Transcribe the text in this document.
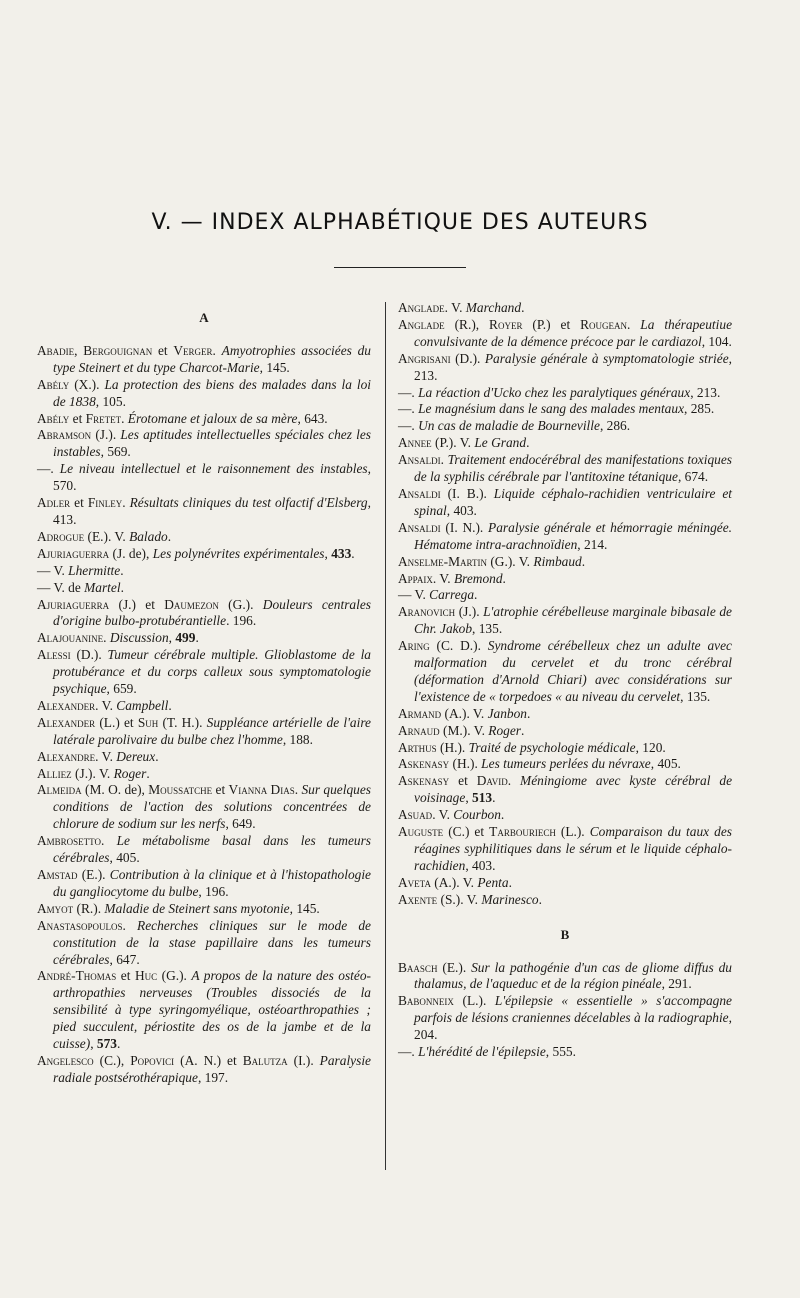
V. — INDEX ALPHABÉTIQUE DES AUTEURS
A
Abadie, Bergouignan et Verger. Amyotrophies associées du type Steinert et du type Charcot-Marie, 145.
Abély (X.). La protection des biens des malades dans la loi de 1838, 105.
Abély et Fretet. Érotomane et jaloux de sa mère, 643.
Abramson (J.). Les aptitudes intellectuelles spéciales chez les instables, 569.
—. Le niveau intellectuel et le raisonnement des instables, 570.
Adler et Finley. Résultats cliniques du test olfactif d'Elsberg, 413.
Adrogue (E.). V. Balado.
Ajuriaguerra (J. de), Les polynévrites expérimentales, 433.
— V. Lhermitte.
— V. de Martel.
Ajuriaguerra (J.) et Daumezon (G.). Douleurs centrales d'origine bulbo-protubérantielle. 196.
Alajouanine. Discussion, 499.
Alessi (D.). Tumeur cérébrale multiple. Glioblastome de la protubérance et du corps calleux sous symptomatologie psychique, 659.
Alexander. V. Campbell.
Alexander (L.) et Suh (T. H.). Suppléance artérielle de l'aire latérale parolivaire du bulbe chez l'homme, 188.
Alexandre. V. Dereux.
Alliez (J.). V. Roger.
Almeida (M. O. de), Moussatche et Vianna Dias. Sur quelques conditions de l'action des solutions concentrées de chlorure de sodium sur les nerfs, 649.
Ambrosetto. Le métabolisme basal dans les tumeurs cérébrales, 405.
Amstad (E.). Contribution à la clinique et à l'histopathologie du gangliocytome du bulbe, 196.
Amyot (R.). Maladie de Steinert sans myotonie, 145.
Anastasopoulos. Recherches cliniques sur le mode de constitution de la stase papillaire dans les tumeurs cérébrales, 647.
André-Thomas et Huc (G.). A propos de la nature des ostéo-arthropathies nerveuses (Troubles dissociés de la sensibilité à type syringomyélique, ostéoarthropathies ; pied succulent, périostite des os de la jambe et de la cuisse), 573.
Angelesco (C.), Popovici (A. N.) et Balutza (I.). Paralysie radiale postsérothérapique, 197.
Anglade. V. Marchand.
Anglade (R.), Royer (P.) et Rougean. La thérapeutiue convulsivante de la démence précoce par le cardiazol, 104.
Angrisani (D.). Paralysie générale à symptomatologie striée, 213.
—. La réaction d'Ucko chez les paralytiques généraux, 213.
—. Le magnésium dans le sang des malades mentaux, 285.
—. Un cas de maladie de Bourneville, 286.
Annee (P.). V. Le Grand.
Ansaldi. Traitement endocérébral des manifestations toxiques de la syphilis cérébrale par l'antitoxine tétanique, 674.
Ansaldi (I. B.). Liquide céphalo-rachidien ventriculaire et spinal, 403.
Ansaldi (I. N.). Paralysie générale et hémorragie méningée. Hématome intra-arachnoïdien, 214.
Anselme-Martin (G.). V. Rimbaud.
Appaix. V. Bremond.
— V. Carrega.
Aranovich (J.). L'atrophie cérébelleuse marginale bibasale de Chr. Jakob, 135.
Aring (C. D.). Syndrome cérébelleux chez un adulte avec malformation du cervelet et du tronc cérébral (déformation d'Arnold Chiari) avec considérations sur l'existence de « torpedoes « au niveau du cervelet, 135.
Armand (A.). V. Janbon.
Arnaud (M.). V. Roger.
Arthus (H.). Traité de psychologie médicale, 120.
Askenasy (H.). Les tumeurs perlées du névraxe, 405.
Askenasy et David. Méningiome avec kyste cérébral de voisinage, 513.
Asuad. V. Courbon.
Auguste (C.) et Tarbouriech (L.). Comparaison du taux des réagines syphilitiques dans le sérum et le liquide céphalo-rachidien, 403.
Aveta (A.). V. Penta.
Axente (S.). V. Marinesco.
B
Baasch (E.). Sur la pathogénie d'un cas de gliome diffus du thalamus, de l'aqueduc et de la région pinéale, 291.
Babonneix (L.). L'épilepsie « essentielle » s'accompagne parfois de lésions craniennes décelables à la radiographie, 204.
—. L'hérédité de l'épilepsie, 555.
